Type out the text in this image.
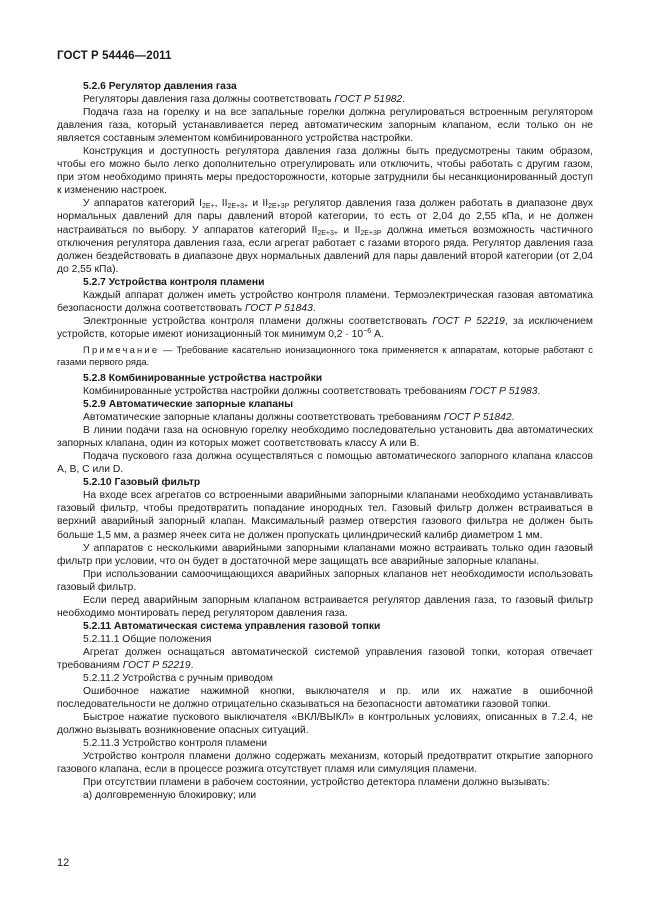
ГОСТ Р 54446—2011

5.2.6 Регулятор давления газа

Регуляторы давления газа должны соответствовать ГОСТ Р 51982.

Подача газа на горелку и на все запальные горелки должна регулироваться встроенным регулятором давления газа, который устанавливается перед автоматическим запорным клапаном, если только он не является составным элементом комбинированного устройства настройки.

Конструкция и доступность регулятора давления газа должны быть предусмотрены таким образом, чтобы его можно было легко дополнительно отрегулировать или отключить, чтобы работать с другим газом, при этом необходимо принять меры предосторожности, которые затруднили бы несанкционированный доступ к изменению настроек.

У аппаратов категорий $I_{2E+}$, $II_{2E+3+}$ и $II_{2E+3P}$ регулятор давления газа должен работать в диапазоне двух нормальных давлений для пары давлений второй категории, то есть от 2,04 до 2,55 кПа, и не должен настраиваться по выбору. У аппаратов категорий $II_{2E+3+}$ и $II_{2E+3P}$ должна иметься возможность частичного отключения регулятора давления газа, если агрегат работает с газами второго ряда. Регулятор давления газа должен бездействовать в диапазоне двух нормальных давлений для пары давлений второй категории (от 2,04 до 2,55 кПа).

5.2.7 Устройства контроля пламени

Каждый аппарат должен иметь устройство контроля пламени. Термоэлектрическая газовая автоматика безопасности должна соответствовать ГОСТ Р 51843.

Электронные устройства контроля пламени должны соответствовать ГОСТ Р 52219, за исключением устройств, которые имеют ионизационный ток минимум $0,2 \cdot 10^{-6}$ А.

Примечание — Требование касательно ионизационного тока применяется к аппаратам, которые работают с газами первого ряда.

5.2.8 Комбинированные устройства настройки

Комбинированные устройства настройки должны соответствовать требованиям ГОСТ Р 51983.

5.2.9 Автоматические запорные клапаны

Автоматические запорные клапаны должны соответствовать требованиям ГОСТ Р 51842.

В линии подачи газа на основную горелку необходимо последовательно установить два автоматических запорных клапана, один из которых может соответствовать классу А или В.

Подача пускового газа должна осуществляться с помощью автоматического запорного клапана классов А, В, С или D.

5.2.10 Газовый фильтр

На входе всех агрегатов со встроенными аварийными запорными клапанами необходимо устанавливать газовый фильтр, чтобы предотвратить попадание инородных тел. Газовый фильтр должен встраиваться в верхний аварийный запорный клапан. Максимальный размер отверстия газового фильтра не должен быть больше 1,5 мм, а размер ячеек сита не должен пропускать цилиндрический калибр диаметром 1 мм.

У аппаратов с несколькими аварийными запорными клапанами можно встраивать только один газовый фильтр при условии, что он будет в достаточной мере защищать все аварийные запорные клапаны.

При использовании самоочищающихся аварийных запорных клапанов нет необходимости использовать газовый фильтр.

Если перед аварийным запорным клапаном встраивается регулятор давления газа, то газовый фильтр необходимо монтировать перед регулятором давления газа.

5.2.11 Автоматическая система управления газовой топки

5.2.11.1 Общие положения

Агрегат должен оснащаться автоматической системой управления газовой топки, которая отвечает требованиям ГОСТ Р 52219.

5.2.11.2 Устройства с ручным приводом

Ошибочное нажатие нажимной кнопки, выключателя и пр. или их нажатие в ошибочной последовательности не должно отрицательно сказываться на безопасности автоматики газовой топки.

Быстрое нажатие пускового выключателя «ВКЛ/ВЫКЛ» в контрольных условиях, описанных в 7.2.4, не должно вызывать возникновение опасных ситуаций.

5.2.11.3 Устройство контроля пламени

Устройство контроля пламени должно содержать механизм, который предотвратит открытие запорного газового клапана, если в процессе розжига отсутствует пламя или симуляция пламени.

При отсутствии пламени в рабочем состоянии, устройство детектора пламени должно вызывать:

а) долговременную блокировку; или

12
